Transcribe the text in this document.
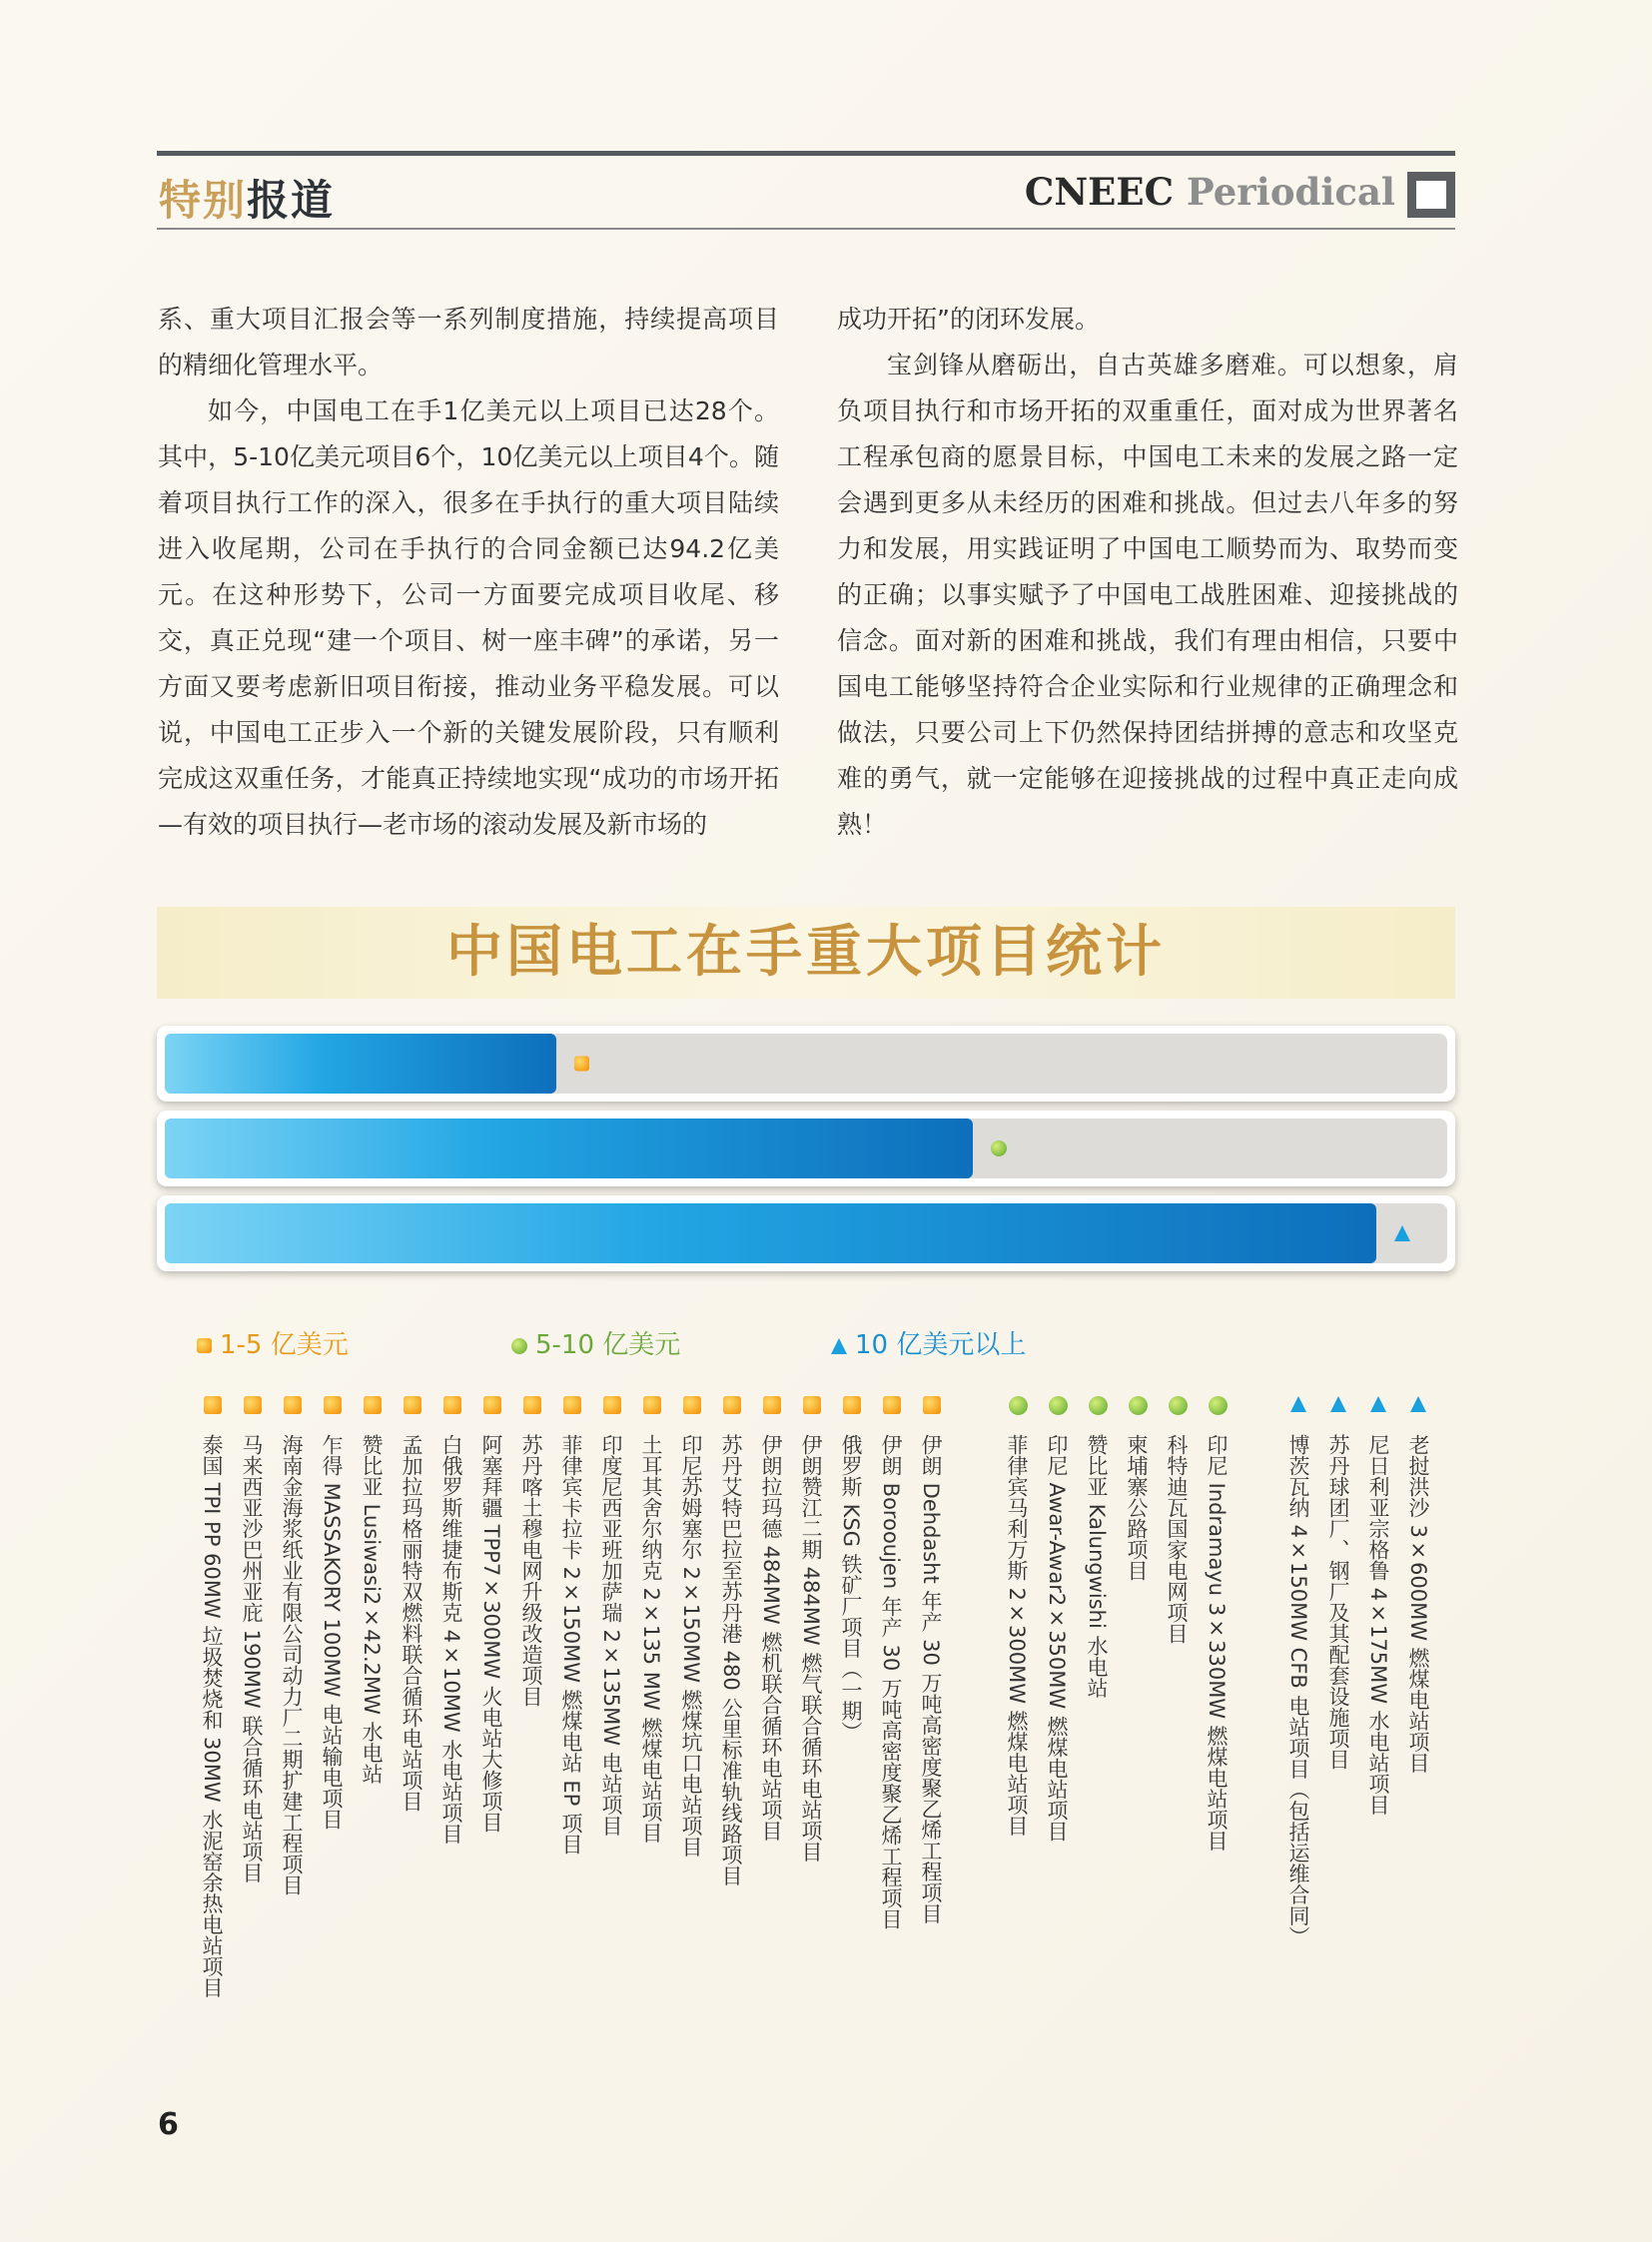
特别报道	CNEEC Periodical

系、重大项目汇报会等一系列制度措施，持续提高项目的精细化管理水平。

如今，中国电工在手1亿美元以上项目已达28个。其中，5-10亿美元项目6个，10亿美元以上项目4个。随着项目执行工作的深入，很多在手执行的重大项目陆续进入收尾期，公司在手执行的合同金额已达94.2亿美元。在这种形势下，公司一方面要完成项目收尾、移交，真正兑现“建一个项目、树一座丰碑”的承诺，另一方面又要考虑新旧项目衔接，推动业务平稳发展。可以说，中国电工正步入一个新的关键发展阶段，只有顺利完成这双重任务，才能真正持续地实现“成功的市场开拓—有效的项目执行—老市场的滚动发展及新市场的

成功开拓”的闭环发展。

宝剑锋从磨砺出，自古英雄多磨难。可以想象，肩负项目执行和市场开拓的双重重任，面对成为世界著名工程承包商的愿景目标，中国电工未来的发展之路一定会遇到更多从未经历的困难和挑战。但过去八年多的努力和发展，用实践证明了中国电工顺势而为、取势而变的正确；以事实赋予了中国电工战胜困难、迎接挑战的信念。面对新的困难和挑战，我们有理由相信，只要中国电工能够坚持符合企业实际和行业规律的正确理念和做法，只要公司上下仍然保持团结拼搏的意志和攻坚克难的勇气，就一定能够在迎接挑战的过程中真正走向成熟！

中国电工在手重大项目统计
1-5 亿美元	5-10 亿美元	10 亿美元以上
泰国 TPI PP 60MW 垃圾焚烧和 30MW 水泥窑余热电站项目 马来西亚沙巴州亚庇 190MW 联合循环电站项目 海南金海浆纸业有限公司动力厂二期扩建工程项目 乍得 MASSAKORY 100MW 电站输电项目 赞比亚 Lusiwasi2×42.2MW 水电站 孟加拉玛格丽特双燃料联合循环电站项目 白俄罗斯维捷布斯克 4×10MW 水电站项目 阿塞拜疆 TPP7×300MW 火电站大修项目 苏丹喀土穆电网升级改造项目 菲律宾卡拉卡 2×150MW 燃煤电站 EP 项目 印度尼西亚班加萨瑞 2×135MW 电站项目 土耳其舍尔纳克 2×135 MW 燃煤电站项目 印尼苏姆塞尔 2×150MW 燃煤坑口电站项目 苏丹艾特巴拉至苏丹港 480 公里标准轨线路项目 伊朗拉玛德 484MW 燃机联合循环电站项目 伊朗赞江二期 484MW 燃气联合循环电站项目 俄罗斯 KSG 铁矿厂项目（一期） 伊朗 Borooujen 年产 30 万吨高密度聚乙烯工程项目 伊朗 Dehdasht 年产 30 万吨高密度聚乙烯工程项目	菲律宾马利万斯 2×300MW 燃煤电站项目 印尼 Awar-Awar2×350MW 燃煤电站项目 赞比亚 Kalungwishi 水电站 柬埔寨公路项目 科特迪瓦国家电网项目 印尼 Indramayu 3×330MW 燃煤电站项目	博茨瓦纳 4×150MW CFB 电站项目（包括运维合同） 苏丹球团厂、钢厂及其配套设施项目 尼日利亚宗格鲁 4×175MW 水电站项目 老挝洪沙 3×600MW 燃煤电站项目
6
